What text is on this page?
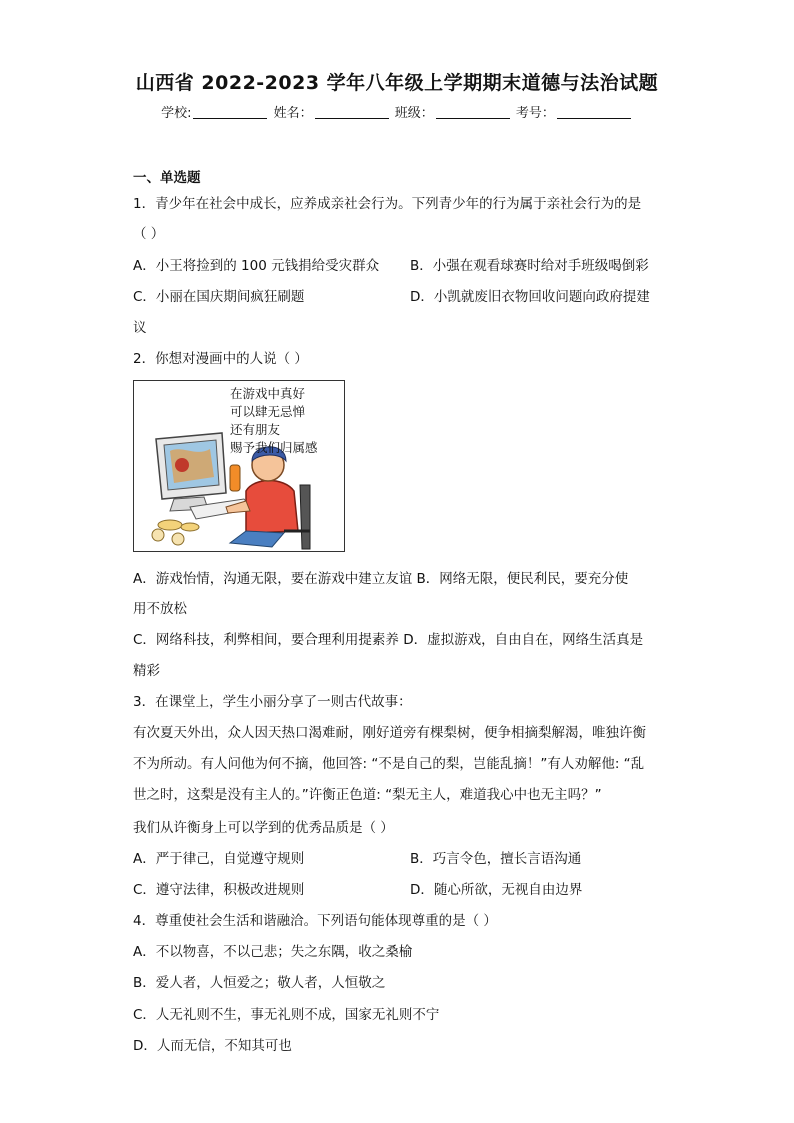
山西省 2022-2023 学年八年级上学期期末道德与法治试题
学校:	姓名：	班级：	考号：
一、单选题
1．青少年在社会中成长，应养成亲社会行为。下列青少年的行为属于亲社会行为的是
（ ）
A．小王将捡到的 100 元钱捐给受灾群众 B．小强在观看球赛时给对手班级喝倒彩
C．小丽在国庆期间疯狂刷题	D．小凯就废旧衣物回收问题向政府提建
议
2．你想对漫画中的人说（ ）
在游戏中真好
可以肆无忌惮
还有朋友
赐予我们归属感
A．游戏怡情，沟通无限，要在游戏中建立友谊 B．网络无限，便民利民，要充分使
用不放松
C．网络科技，利弊相间，要合理利用提素养 D．虚拟游戏，自由自在，网络生活真是
精彩
3．在课堂上，学生小丽分享了一则古代故事：
有次夏天外出，众人因天热口渴难耐，刚好道旁有棵梨树，便争相摘梨解渴，唯独许衡
不为所动。有人问他为何不摘，他回答: “不是自己的梨，岂能乱摘！”有人劝解他: “乱
世之时，这梨是没有主人的。”许衡正色道: “梨无主人，难道我心中也无主吗？”
我们从许衡身上可以学到的优秀品质是（ ）
A．严于律己，自觉遵守规则	B．巧言令色，擅长言语沟通
C．遵守法律，积极改进规则	D．随心所欲，无视自由边界
4．尊重使社会生活和谐融洽。下列语句能体现尊重的是（ ）
A．不以物喜，不以己悲；失之东隅，收之桑榆
B．爱人者，人恒爱之；敬人者，人恒敬之
C．人无礼则不生，事无礼则不成，国家无礼则不宁
D．人而无信，不知其可也
